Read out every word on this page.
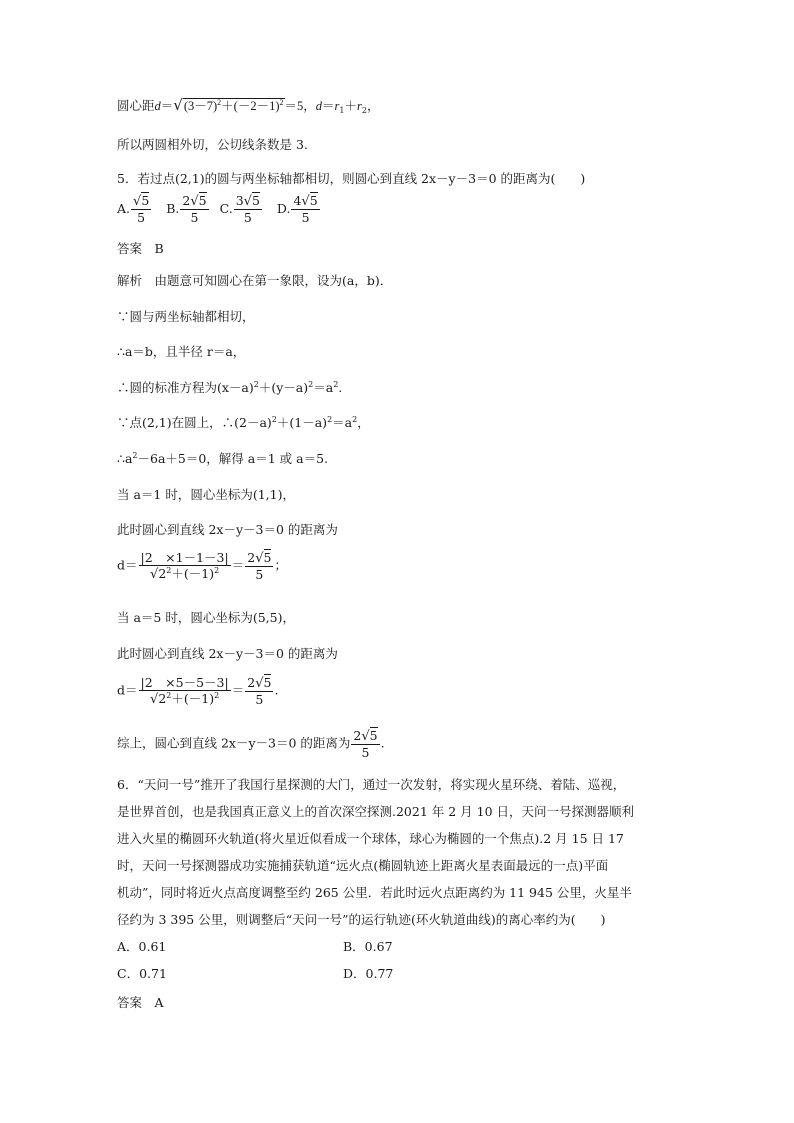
圆心距$d=√(3-7)^2+(-2-1)^2=5$，$d=r_1+r_2$，
所以两圆相外切，公切线条数是 3.
5．若过点(2,1)的圆与两坐标轴都相切，则圆心到直线 2x－y－3＝0 的距离为(　　)
A. $\frac{√5}{5} B$. $\frac{2√5}{5} C$. $\frac{3√5}{5} D$. $\frac{4√5}{5}$
答案　B
解析　由题意可知圆心在第一象限，设为(a，b)．
∵圆与两坐标轴都相切，
∴a＝b，且半径 r＝a，
∴圆的标准方程为$(x-a)^2+(y-a)^2=a^2$.
∵点(2,1)在圆上，$\therefore(2-a)^2+(1-a)^2=a^2$，
$\therefore a^2-6a+5=0$，解得 a＝1 或 a＝5.
当 a＝1 时，圆心坐标为(1,1)，
此时圆心到直线 2x－y－3＝0 的距离为
$d= \frac{|2 \times 1-1-3|}{√2^2+(-1)^2} = \frac{2√5}{5}$ ；
当 a＝5 时，圆心坐标为(5,5)，
此时圆心到直线 2x－y－3＝0 的距离为
$d= \frac{|2 \times 5-5-3|}{√2^2+(-1)^2} = \frac{2√5}{5}$ .
综上，圆心到直线 2x－y－3＝0 的距离为 $\frac{2√5}{5}$ .
6．“天问一号”推开了我国行星探测的大门，通过一次发射，将实现火星环绕、着陆、巡视，
是世界首创，也是我国真正意义上的首次深空探测.2021 年 2 月 10 日，天问一号探测器顺利
进入火星的椭圆环火轨道(将火星近似看成一个球体，球心为椭圆的一个焦点).2 月 15 日 17
时，天问一号探测器成功实施捕获轨道“远火点(椭圆轨迹上距离火星表面最远的一点)平面
机动”，同时将近火点高度调整至约 265 公里．若此时远火点距离约为 11 945 公里，火星半
径约为 3 395 公里，则调整后“天问一号”的运行轨迹(环火轨道曲线)的离心率约为(　　)
A．0.61	B．0.67
C．0.71	D．0.77
答案　A
